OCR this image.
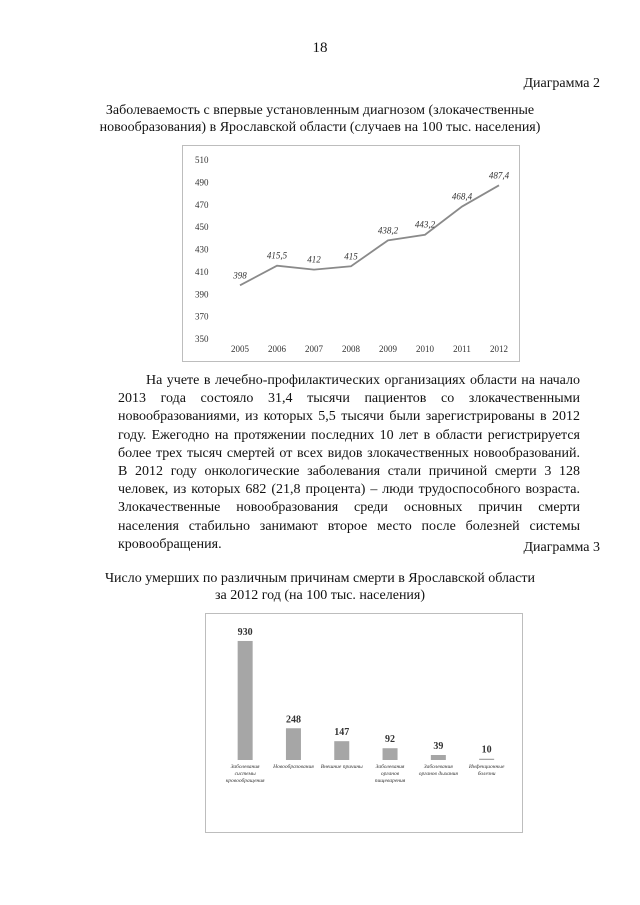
18
Диаграмма 2
Заболеваемость с впервые установленным диагнозом (злокачественные
новообразования) в Ярославской области (случаев на 100 тыс. населения)
350
370
390
410
430
450
470
490
510
2005 2006 2007 2008 2009 2010 2011 2012
398
415,5 412	415
438,2
443,2
468,4
487,4

На учете в лечебно-профилактических организациях области на начало 2013 года состояло 31,4 тысячи пациентов со злокачественными новообразованиями, из которых 5,5 тысячи были зарегистрированы в 2012 году. Ежегодно на протяжении последних 10 лет в области регистрируется более трех тысяч смертей от всех видов злокачественных новообразований. В 2012 году онкологические заболевания стали причиной смерти 3 128 человек, из которых 682 (21,8 процента) – люди трудоспособного возраста. Злокачественные новообразования среди основных причин смерти населения стабильно занимают второе место после болезней системы кровообращения.	Диаграмма 3
Число умерших по различным причинам смерти в Ярославской области
за 2012 год (на 100 тыс. населения)
930
Заболевания
системы
кровообращения
248
Новообразования
147
Внешние причины
92
Заболевания
органов
пищеварения
39
Заболевания
органов дыхания
10
Инфекционные
болезни
